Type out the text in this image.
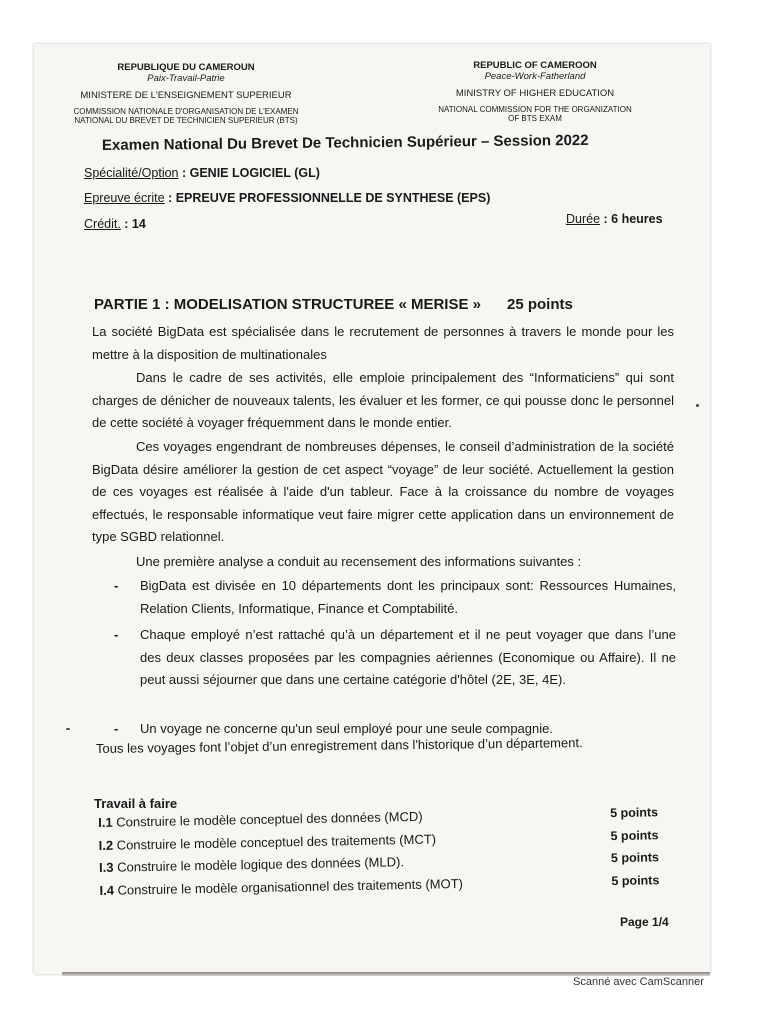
REPUBLIQUE DU CAMEROUN
Paix-Travail-Patrie
MINISTERE DE L'ENSEIGNEMENT SUPERIEUR
COMMISSION NATIONALE D'ORGANISATION DE L'EXAMEN
NATIONAL DU BREVET DE TECHNICIEN SUPERIEUR (BTS)
REPUBLIC OF CAMEROON
Peace-Work-Fatherland
MINISTRY OF HIGHER EDUCATION
NATIONAL COMMISSION FOR THE ORGANIZATION
OF BTS EXAM
Examen National Du Brevet De Technicien Supérieur – Session 2022
Spécialité/Option : GENIE LOGICIEL (GL)
Epreuve écrite : EPREUVE PROFESSIONNELLE DE SYNTHESE (EPS)
Crédit. : 14	Durée : 6 heures
PARTIE 1 : MODELISATION STRUCTUREE « MERISE » 25 points
La société BigData est spécialisée dans le recrutement de personnes à travers le monde pour les mettre à la disposition de multinationales
Dans le cadre de ses activités, elle emploie principalement des “Informaticiens” qui sont charges de dénicher de nouveaux talents, les évaluer et les former, ce qui pousse donc le personnel de cette société à voyager fréquemment dans le monde entier.
Ces voyages engendrant de nombreuses dépenses, le conseil d’administration de la société BigData désire améliorer la gestion de cet aspect “voyage” de leur société. Actuellement la gestion de ces voyages est réalisée à l'aide d'un tableur. Face à la croissance du nombre de voyages effectués, le responsable informatique veut faire migrer cette application dans un environnement de type SGBD relationnel.
Une première analyse a conduit au recensement des informations suivantes :
- BigData est divisée en 10 départements dont les principaux sont: Ressources Humaines, Relation Clients, Informatique, Finance et Comptabilité.
- Chaque employé n’est rattaché qu’à un département et il ne peut voyager que dans l’une des deux classes proposées par les compagnies aériennes (Economique ou Affaire). Il ne peut aussi séjourner que dans une certaine catégorie d'hôtel (2E, 3E, 4E).
- Un voyage ne concerne qu'un seul employé pour une seule compagnie.
Tous les voyages font l’objet d’un enregistrement dans l'historique d’un département.
Travail à faire
I.1 Construire le modèle conceptuel des données (MCD)	5 points
I.2 Construire le modèle conceptuel des traitements (MCT)	5 points
I.3 Construire le modèle logique des données (MLD).	5 points
I.4 Construire le modèle organisationnel des traitements (MOT)	5 points
Page 1/4
Scanné avec CamScanner
